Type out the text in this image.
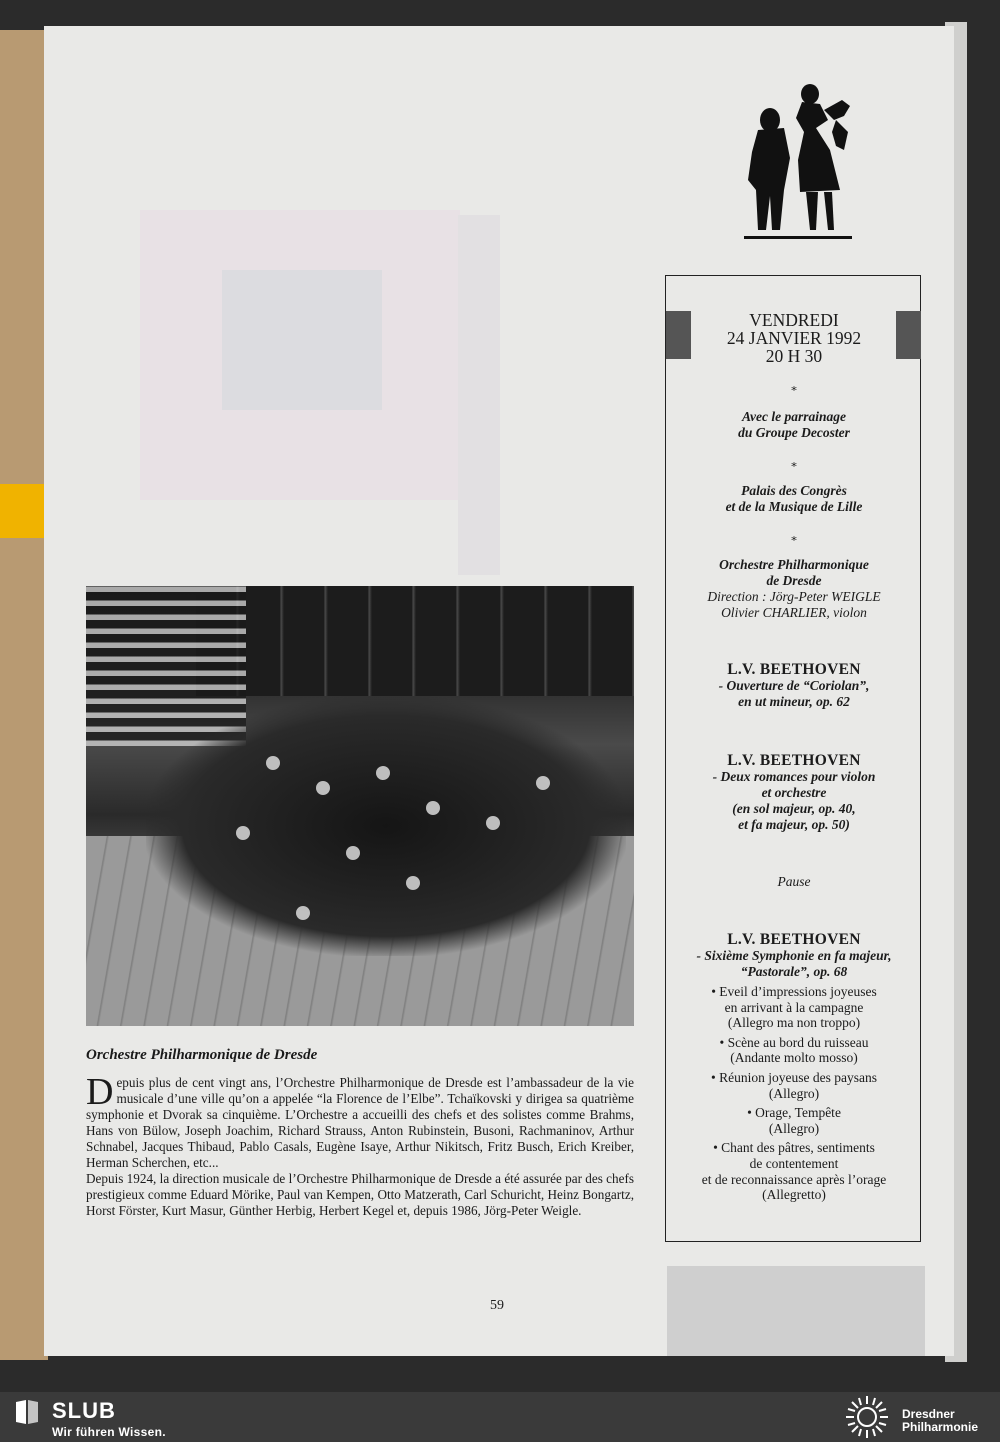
Orchestre Philharmonique de Dresde

Depuis plus de cent vingt ans, l’Orchestre Philharmonique de Dresde est l’ambassadeur de la vie musicale d’une ville qu’on a appelée “la Florence de l’Elbe”. Tchaïkovski y dirigea sa quatrième symphonie et Dvorak sa cinquième. L’Orchestre a accueilli des chefs et des solistes comme Brahms, Hans von Bülow, Joseph Joachim, Richard Strauss, Anton Rubinstein, Busoni, Rachmaninov, Arthur Schnabel, Jacques Thibaud, Pablo Casals, Eugène Isaye, Arthur Nikitsch, Fritz Busch, Erich Kreiber, Herman Scherchen, etc...

Depuis 1924, la direction musicale de l’Orchestre Philharmonique de Dresde a été assurée par des chefs prestigieux comme Eduard Mörike, Paul van Kempen, Otto Matzerath, Carl Schuricht, Heinz Bongartz, Horst Förster, Kurt Masur, Günther Herbig, Herbert Kegel et, depuis 1986, Jörg-Peter Weigle.

59
VENDREDI
24 JANVIER 1992
20 H 30
⁎
Avec le parrainage
du Groupe Decoster
⁎
Palais des Congrès
et de la Musique de Lille
⁎
Orchestre Philharmonique
de Dresde
Direction : Jörg-Peter WEIGLE
Olivier CHARLIER, violon
L.V. BEETHOVEN
- Ouverture de “Coriolan”,
en ut mineur, op. 62
L.V. BEETHOVEN
- Deux romances pour violon
et orchestre
(en sol majeur, op. 40,
et fa majeur, op. 50)
Pause
L.V. BEETHOVEN
- Sixième Symphonie en fa majeur,
“Pastorale”, op. 68
• Eveil d’impressions joyeuses
en arrivant à la campagne
(Allegro ma non troppo)
• Scène au bord du ruisseau
(Andante molto mosso)
• Réunion joyeuse des paysans
(Allegro)
• Orage, Tempête
(Allegro)
• Chant des pâtres, sentiments
de contentement
et de reconnaissance après l’orage
(Allegretto)
SLUB
Wir führen Wissen.
Dresdner
Philharmonie
